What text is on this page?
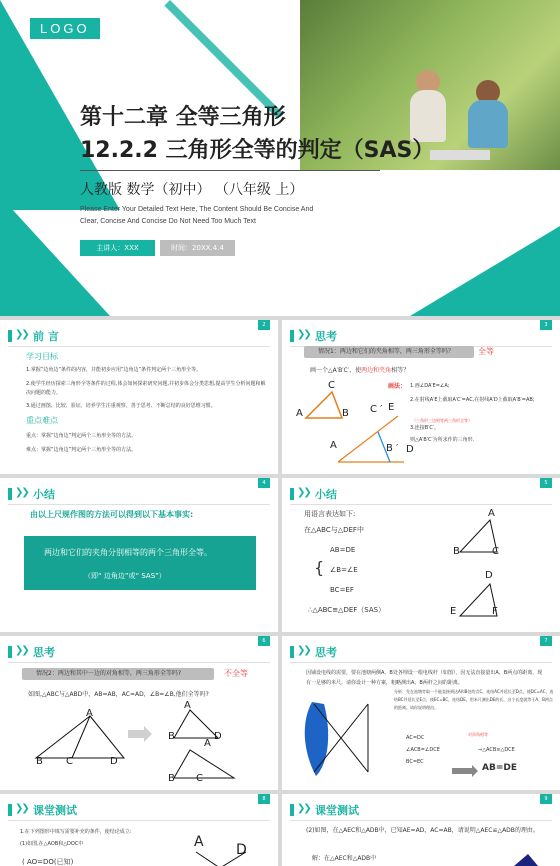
LOGO
第十二章 全等三角形
12.2.2 三角形全等的判定（SAS）
人教版 数学（初中） （八年级 上）
Please Enter Your Detailed Text Here, The Content Should Be Concise And Clear, Concise And Concise Do Not Need Too Much Text
主讲人：XXX	时间：20XX.4.4
❯❯ 前 言
2
学习目标
1.掌握”边角边”条件的内容，并能初步应用”边角边”条件判定两个三角形全等。
2.使学生经历探索三角形全等条件的过程,体会如何探索研究问题,并初步体会分类思想,提高学生分析问题和解决问题的能力。
3.通过画图、比较、验证，培养学生注重观察、善于思考、不断总结的良好思维习惯。
重点难点
重点：掌握”边角边”判定两个三角形全等的方法。
难点：掌握”边角边”判定两个三角形全等的方法。
❯❯ 思考
3
情况1：两边和它们的夹角相等，两三角形全等吗？	全等
画一个△A′B′C′，使两边和夹角相等？
A
C
B
A
C ′
B ′
E
D
画法： 1.画∠DA′E=∠A;
2.在射线A′E上截取A′C′=AC,在射线A′D上截取A′B′=AB;
（三角形三边相等两三角形全等）
3.连接B′C′。
则△A′B′C′为所求作的三角形.
❯❯ 小结
4
由以上尺规作图的方法可以得到以下基本事实:
两边和它们的夹角分别相等的两个三角形全等。
（即“ 边角边”或“ SAS”）
❯❯ 小结
5
用语言表达如下:
在△ABC与△DEF中
AB=DE
{ ∠B=∠E
BC=EF
∴△ABC≌△DEF（SAS）
A
B	C
D
E	F
❯❯ 思考
6
情况2：两边和其中一边的对角相等，两三角形全等吗?	不全等
如图,△ABC与△ABD中，AB=AB，AC=AD，∠B=∠B,他们全等吗?
A
B C	D
A
B	D
A
B C
❯❯ 思考
7
因铺设电线的需要，要在池塘两侧A、B处各埋设一根电线杆（如图），因无法直接量出A、B两点的距离，现有一足够的米尺。请你设计一种方案，粗略测出A、B两杆之间的距离。
分析：先在池塘旁取一个能直接到达A和B处的点C，连结AC并延长至D点，使DC=AC，连结BC并延长至E点，使EC=BC，连结DE，用米尺测出DE的长，这个长度就等于A、B两点的距离。请你说明理由。
AC=DC
∠ACB=∠DCE
BC=EC
对顶角相等
⇒△ACB≌△DCE
AB=DE
❯❯ 课堂测试
8
1.在下列图形中填写需要补充的条件，使结论成立:
(1)如图,在△AOB和△DOC中
( AO=DO(已知)
A D
❯❯ 课堂测试
9
(2)如图，在△AEC和△ADB中，已知AE=AD，AC=AB，请说明△AEC≌△ADB的理由。
解：在△AEC和△ADB中
